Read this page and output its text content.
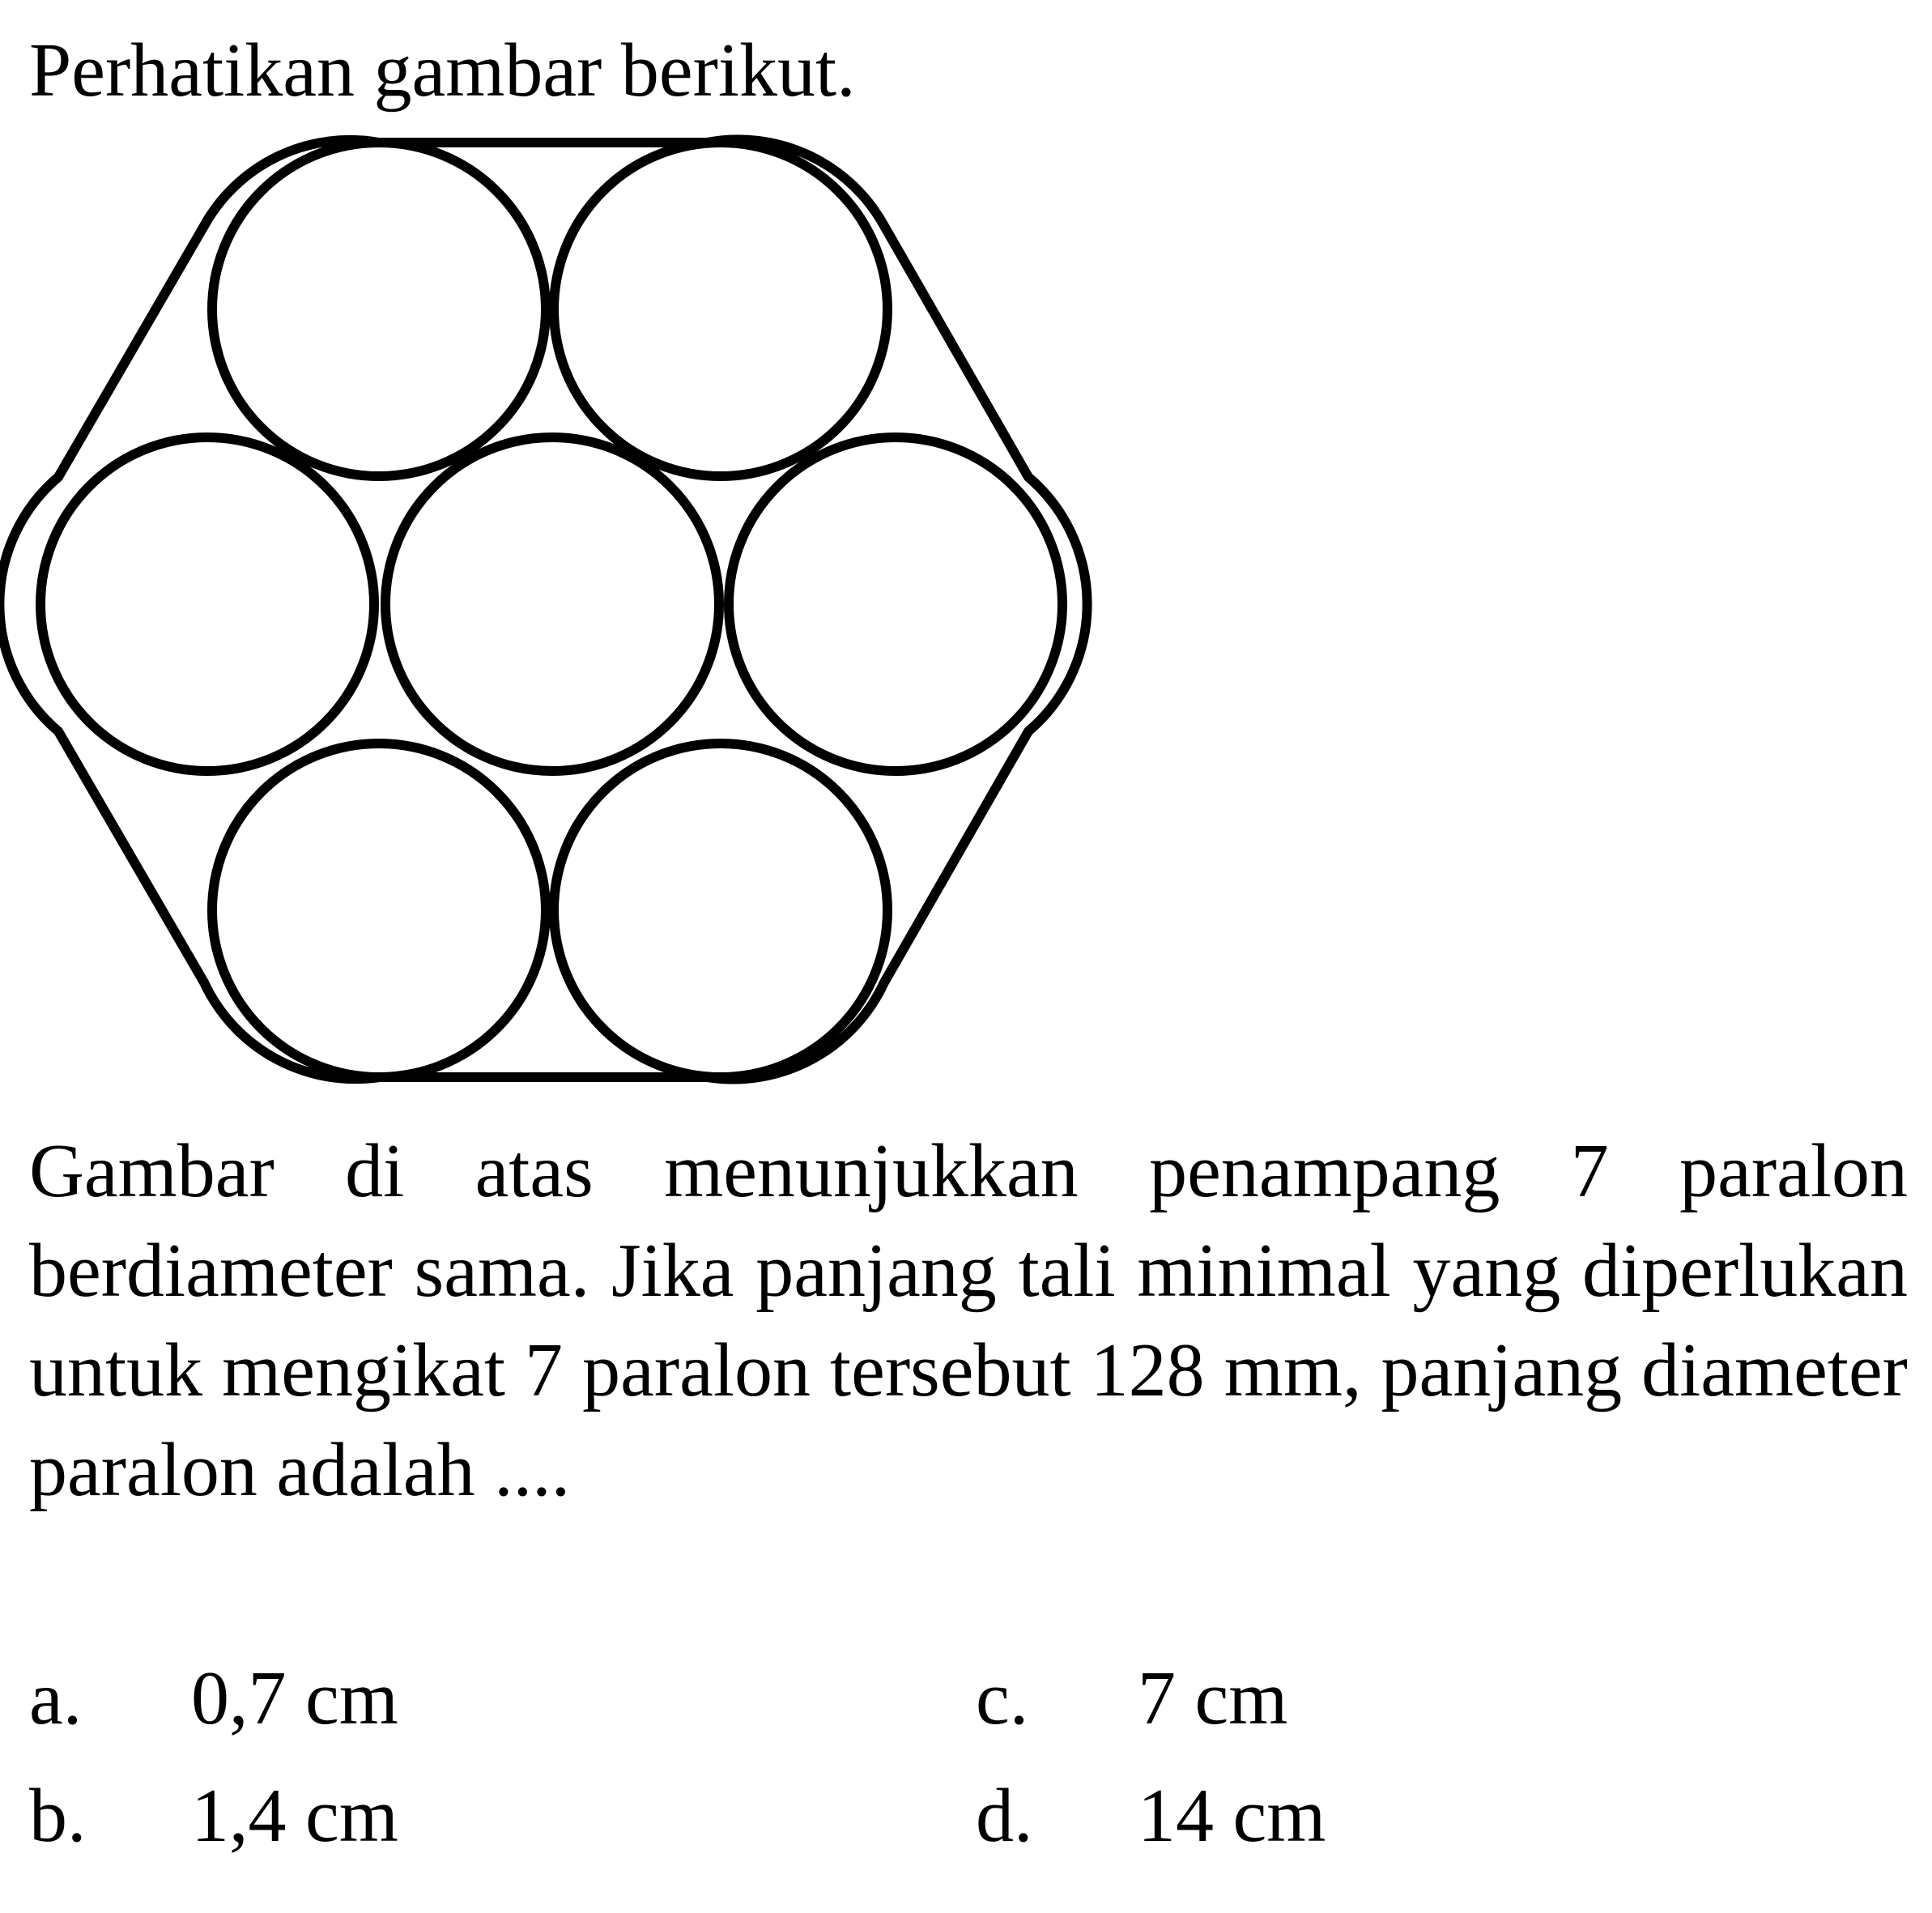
Perhatikan gambar berikut.
Gambar di atas menunjukkan penampang 7 paralon berdiameter sama. Jika panjang tali minimal yang diperlukan untuk mengikat 7 paralon tersebut 128 mm, panjang diameter paralon adalah ....
a. 0,7 cm
b. 1,4 cm
c. 7 cm
d. 14 cm
